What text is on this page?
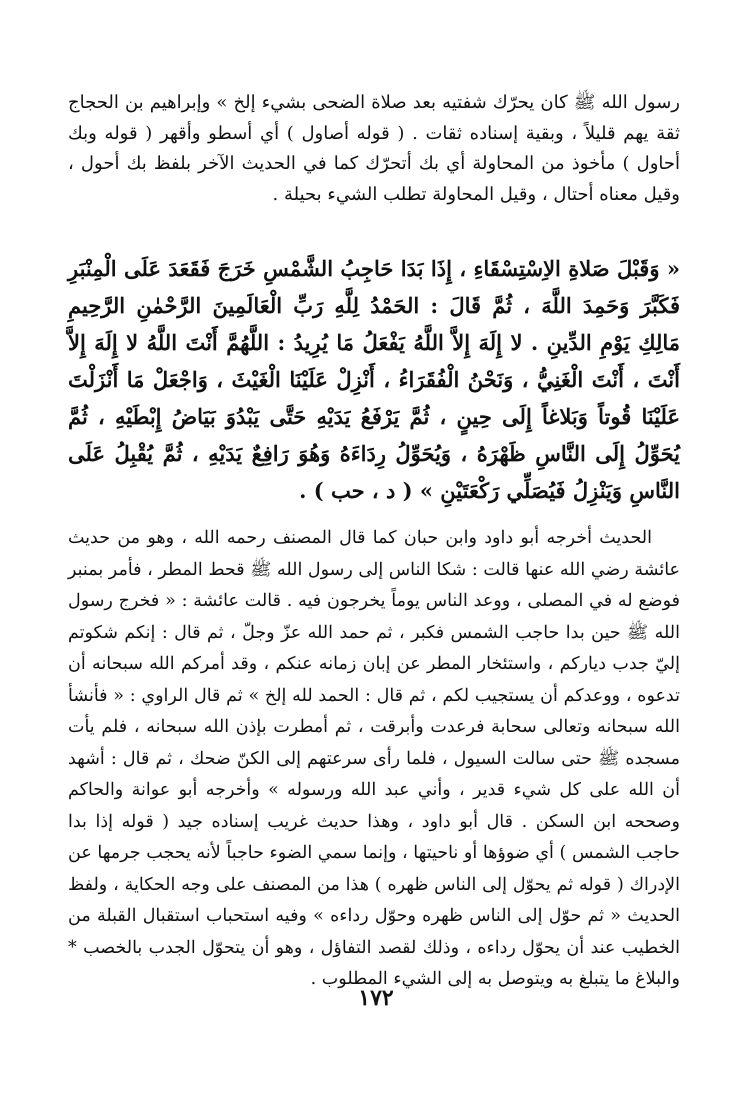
رسول الله ﷺ كان يحرّك شفتيه بعد صلاة الضحى بشيء إلخ » وإبراهيم بن الحجاج ثقة يهم قليلاً ، وبقية إسناده ثقات . ( قوله أصاول ) أي أسطو وأقهر ( قوله وبك أحاول ) مأخوذ من المحاولة أي بك أتحرّك كما في الحديث الآخر بلفظ بك أحول ، وقيل معناه أحتال ، وقيل المحاولة تطلب الشيء بحيلة .

« وَقَبْلَ صَلاةِ الاِسْتِسْقَاءِ ، إِذَا بَدَا حَاجِبُ الشَّمْسِ خَرَجَ فَقَعَدَ عَلَى الْمِنْبَرِ فَكَبَّرَ وَحَمِدَ اللَّهَ ، ثُمَّ قَالَ : الحَمْدُ لِلَّهِ رَبِّ الْعَالَمِينَ الرَّحْمٰنِ الرَّحِيمِ مَالِكِ يَوْمِ الدِّينِ . لا إِلَهَ إِلاَّ اللَّهُ يَفْعَلُ مَا يُرِيدُ : اللَّهُمَّ أَنْتَ اللَّهُ لا إِلَهَ إِلاَّ أَنْتَ ، أَنْتَ الْغَنِيُّ ، وَنَحْنُ الْفُقَرَاءُ ، أَنْزِلْ عَلَيْنَا الْغَيْثَ ، وَاجْعَلْ مَا أَنْزَلْتَ عَلَيْنَا قُوتاً وَبَلاغاً إِلَى حِينٍ ، ثُمَّ يَرْفَعُ يَدَيْهِ حَتَّى يَبْدُوَ بَيَاضُ إِبْطَيْهِ ، ثُمَّ يُحَوِّلُ إِلَى النَّاسِ ظَهْرَهُ ، وَيُحَوِّلُ رِدَاءَهُ وَهُوَ رَافِعٌ يَدَيْهِ ، ثُمَّ يُقْبِلُ عَلَى النَّاسِ وَيَنْزِلُ فَيُصَلِّي رَكْعَتَيْنِ » ( د ، حب ) .

الحديث أخرجه أبو داود وابن حبان كما قال المصنف رحمه الله ، وهو من حديث عائشة رضي الله عنها قالت : شكا الناس إلى رسول الله ﷺ قحط المطر ، فأمر بمنبر فوضع له في المصلى ، ووعد الناس يوماً يخرجون فيه . قالت عائشة : « فخرج رسول الله ﷺ حين بدا حاجب الشمس فكبر ، ثم حمد الله عزّ وجلّ ، ثم قال : إنكم شكوتم إليّ جدب دياركم ، واستئخار المطر عن إبان زمانه عنكم ، وقد أمركم الله سبحانه أن تدعوه ، ووعدكم أن يستجيب لكم ، ثم قال : الحمد لله إلخ » ثم قال الراوي : « فأنشأ الله سبحانه وتعالى سحابة فرعدت وأبرقت ، ثم أمطرت بإذن الله سبحانه ، فلم يأت مسجده ﷺ حتى سالت السيول ، فلما رأى سرعتهم إلى الكنّ ضحك ، ثم قال : أشهد أن الله على كل شيء قدير ، وأني عبد الله ورسوله » وأخرجه أبو عوانة والحاكم وصححه ابن السكن . قال أبو داود ، وهذا حديث غريب إسناده جيد ( قوله إذا بدا حاجب الشمس ) أي ضوؤها أو ناحيتها ، وإنما سمي الضوء حاجباً لأنه يحجب جرمها عن الإدراك ( قوله ثم يحوّل إلى الناس ظهره ) هذا من المصنف على وجه الحكاية ، ولفظ الحديث « ثم حوّل إلى الناس ظهره وحوّل رداءه » وفيه استحباب استقبال القبلة من الخطيب عند أن يحوّل رداءه ، وذلك لقصد التفاؤل ، وهو أن يتحوّل الجدب بالخصب * والبلاغ ما يتبلغ به ويتوصل به إلى الشيء المطلوب .

١٧٢
